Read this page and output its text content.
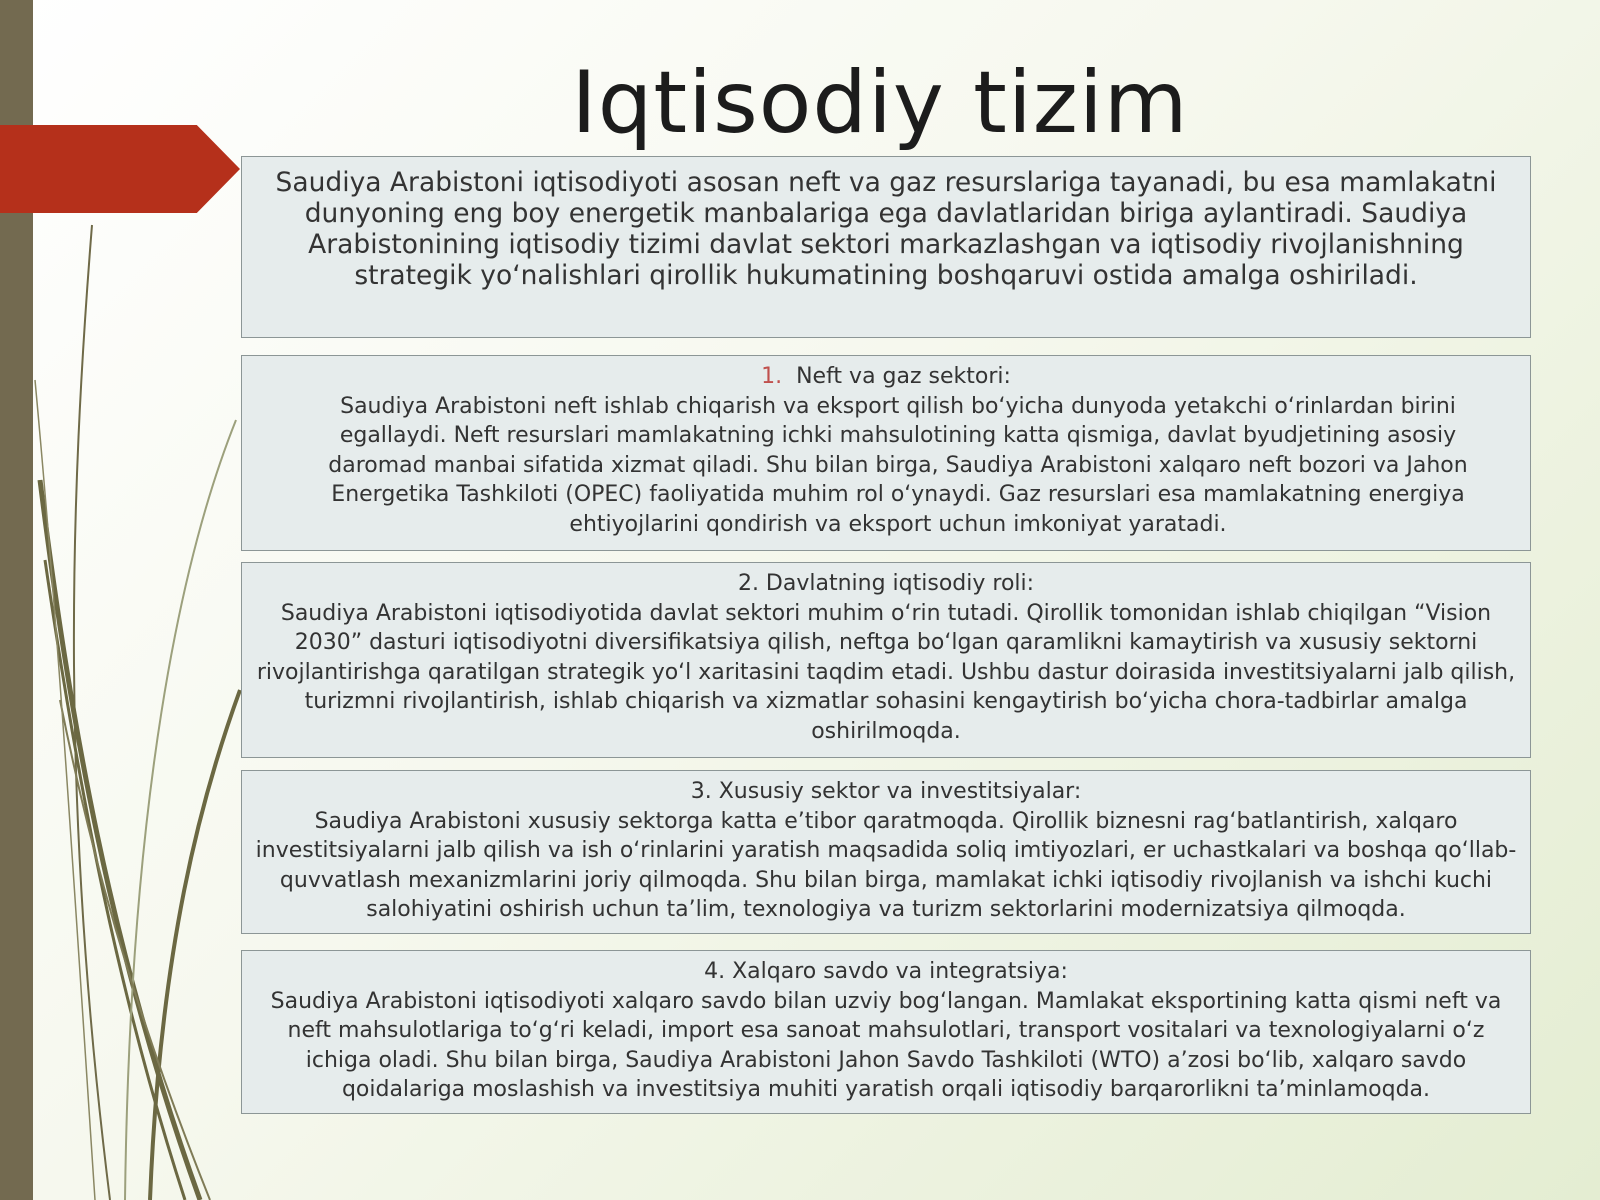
Iqtisodiy tizim
Saudiya Arabistoni iqtisodiyoti asosan neft va gaz resurslariga tayanadi, bu esa mamlakatni dunyoning eng boy energetik manbalariga ega davlatlaridan biriga aylantiradi. Saudiya Arabistonining iqtisodiy tizimi davlat sektori markazlashgan va iqtisodiy rivojlanishning strategik yo‘nalishlari qirollik hukumatining boshqaruvi ostida amalga oshiriladi.
1. Neft va gaz sektori:
Saudiya Arabistoni neft ishlab chiqarish va eksport qilish bo‘yicha dunyoda yetakchi o‘rinlardan birini egallaydi. Neft resurslari mamlakatning ichki mahsulotining katta qismiga, davlat byudjetining asosiy daromad manbai sifatida xizmat qiladi. Shu bilan birga, Saudiya Arabistoni xalqaro neft bozori va Jahon Energetika Tashkiloti (OPEC) faoliyatida muhim rol o‘ynaydi. Gaz resurslari esa mamlakatning energiya ehtiyojlarini qondirish va eksport uchun imkoniyat yaratadi.
2. Davlatning iqtisodiy roli:
Saudiya Arabistoni iqtisodiyotida davlat sektori muhim o‘rin tutadi. Qirollik tomonidan ishlab chiqilgan “Vision 2030” dasturi iqtisodiyotni diversifikatsiya qilish, neftga bo‘lgan qaramlikni kamaytirish va xususiy sektorni rivojlantirishga qaratilgan strategik yo‘l xaritasini taqdim etadi. Ushbu dastur doirasida investitsiyalarni jalb qilish, turizmni rivojlantirish, ishlab chiqarish va xizmatlar sohasini kengaytirish bo‘yicha chora-tadbirlar amalga oshirilmoqda.
3. Xususiy sektor va investitsiyalar:
Saudiya Arabistoni xususiy sektorga katta e’tibor qaratmoqda. Qirollik biznesni rag‘batlantirish, xalqaro investitsiyalarni jalb qilish va ish o‘rinlarini yaratish maqsadida soliq imtiyozlari, er uchastkalari va boshqa qo‘llab-quvvatlash mexanizmlarini joriy qilmoqda. Shu bilan birga, mamlakat ichki iqtisodiy rivojlanish va ishchi kuchi salohiyatini oshirish uchun ta’lim, texnologiya va turizm sektorlarini modernizatsiya qilmoqda.
4. Xalqaro savdo va integratsiya:
Saudiya Arabistoni iqtisodiyoti xalqaro savdo bilan uzviy bog‘langan. Mamlakat eksportining katta qismi neft va neft mahsulotlariga to‘g‘ri keladi, import esa sanoat mahsulotlari, transport vositalari va texnologiyalarni o‘z ichiga oladi. Shu bilan birga, Saudiya Arabistoni Jahon Savdo Tashkiloti (WTO) a’zosi bo‘lib, xalqaro savdo qoidalariga moslashish va investitsiya muhiti yaratish orqali iqtisodiy barqarorlikni ta’minlamoqda.
